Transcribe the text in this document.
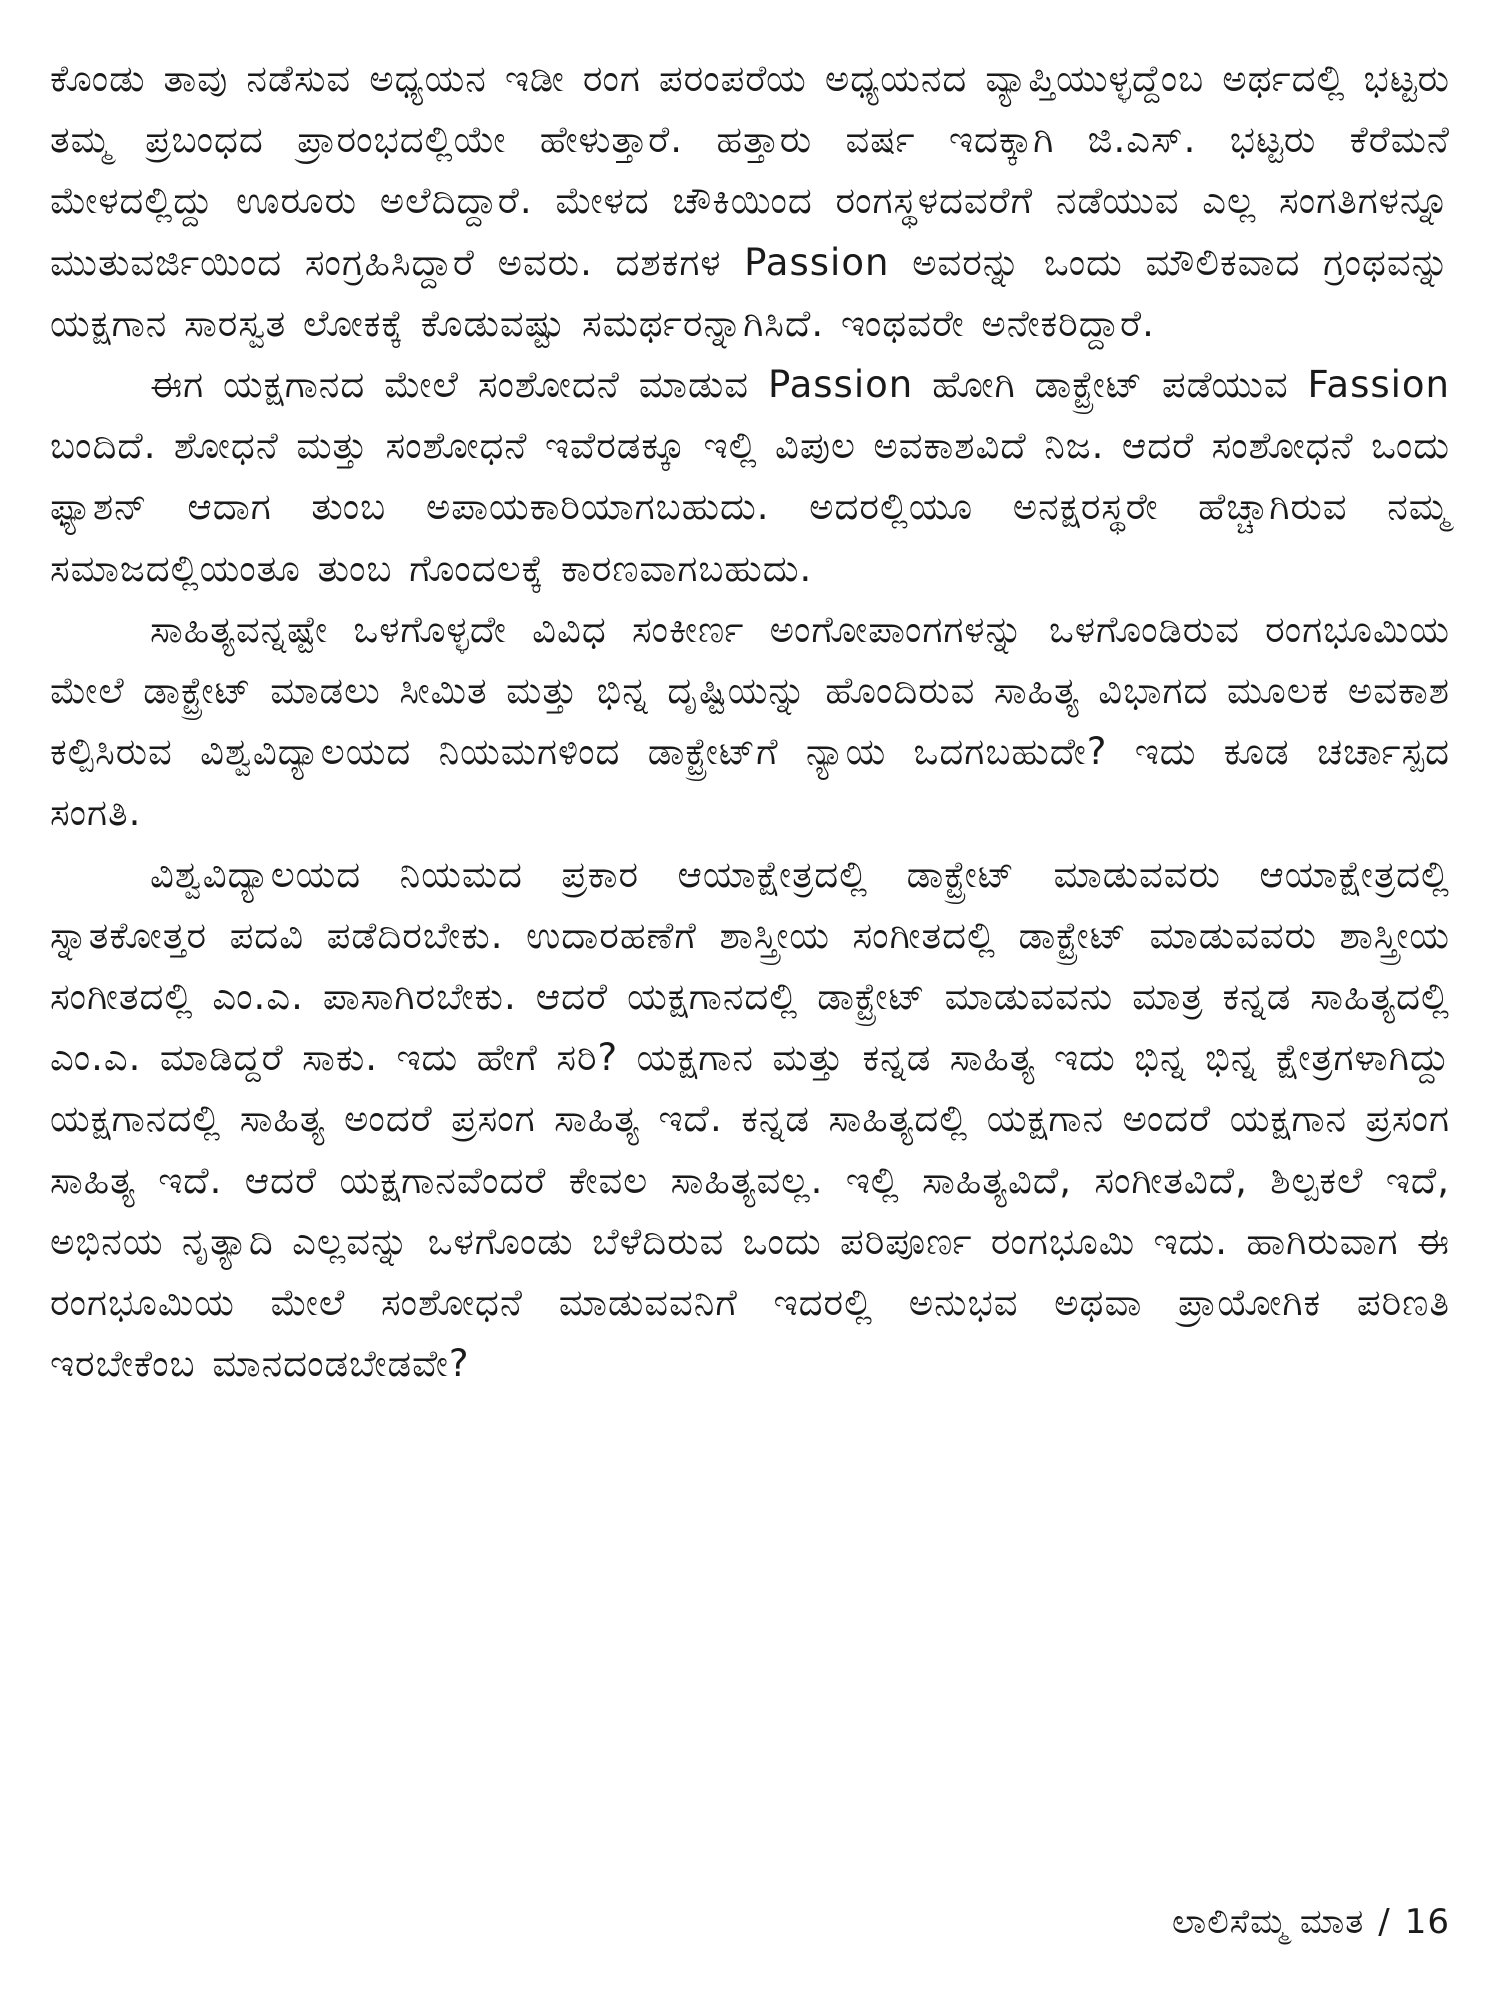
ಕೊಂಡು ತಾವು ನಡೆಸುವ ಅಧ್ಯಯನ ಇಡೀ ರಂಗ ಪರಂಪರೆಯ ಅಧ್ಯಯನದ ವ್ಯಾಪ್ತಿಯುಳ್ಳದ್ದೆಂಬ ಅರ್ಥದಲ್ಲಿ ಭಟ್ಟರು ತಮ್ಮ ಪ್ರಬಂಧದ ಪ್ರಾರಂಭದಲ್ಲಿಯೇ ಹೇಳುತ್ತಾರೆ. ಹತ್ತಾರು ವರ್ಷ ಇದಕ್ಕಾಗಿ ಜಿ.ಎಸ್. ಭಟ್ಟರು ಕೆರೆಮನೆ ಮೇಳದಲ್ಲಿದ್ದು ಊರೂರು ಅಲೆದಿದ್ದಾರೆ. ಮೇಳದ ಚೌಕಿಯಿಂದ ರಂಗಸ್ಥಳದವರೆಗೆ ನಡೆಯುವ ಎಲ್ಲ ಸಂಗತಿಗಳನ್ನೂ ಮುತುವರ್ಜಿಯಿಂದ ಸಂಗ್ರಹಿಸಿದ್ದಾರೆ ಅವರು. ದಶಕಗಳ Passion ಅವರನ್ನು ಒಂದು ಮೌಲಿಕವಾದ ಗ್ರಂಥವನ್ನು ಯಕ್ಷಗಾನ ಸಾರಸ್ವತ ಲೋಕಕ್ಕೆ ಕೊಡುವಷ್ಟು ಸಮರ್ಥರನ್ನಾಗಿಸಿದೆ. ಇಂಥವರೇ ಅನೇಕರಿದ್ದಾರೆ.

ಈಗ ಯಕ್ಷಗಾನದ ಮೇಲೆ ಸಂಶೋದನೆ ಮಾಡುವ Passion ಹೋಗಿ ಡಾಕ್ಟ್ರೇಟ್ ಪಡೆಯುವ Fassion ಬಂದಿದೆ. ಶೋಧನೆ ಮತ್ತು ಸಂಶೋಧನೆ ಇವೆರಡಕ್ಕೂ ಇಲ್ಲಿ ವಿಪುಲ ಅವಕಾಶವಿದೆ ನಿಜ. ಆದರೆ ಸಂಶೋಧನೆ ಒಂದು ಫ್ಯಾಶನ್ ಆದಾಗ ತುಂಬ ಅಪಾಯಕಾರಿಯಾಗಬಹುದು. ಅದರಲ್ಲಿಯೂ ಅನಕ್ಷರಸ್ಥರೇ ಹೆಚ್ಚಾಗಿರುವ ನಮ್ಮ ಸಮಾಜದಲ್ಲಿಯಂತೂ ತುಂಬ ಗೊಂದಲಕ್ಕೆ ಕಾರಣವಾಗಬಹುದು.

ಸಾಹಿತ್ಯವನ್ನಷ್ಟೇ ಒಳಗೊಳ್ಳದೇ ವಿವಿಧ ಸಂಕೀರ್ಣ ಅಂಗೋಪಾಂಗಗಳನ್ನು ಒಳಗೊಂಡಿರುವ ರಂಗಭೂಮಿಯ ಮೇಲೆ ಡಾಕ್ಟ್ರೇಟ್ ಮಾಡಲು ಸೀಮಿತ ಮತ್ತು ಭಿನ್ನ ದೃಷ್ಟಿಯನ್ನು ಹೊಂದಿರುವ ಸಾಹಿತ್ಯ ವಿಭಾಗದ ಮೂಲಕ ಅವಕಾಶ ಕಲ್ಪಿಸಿರುವ ವಿಶ್ವವಿದ್ಯಾಲಯದ ನಿಯಮಗಳಿಂದ ಡಾಕ್ಟ್ರೇಟ್‌ಗೆ ನ್ಯಾಯ ಒದಗಬಹುದೇ? ಇದು ಕೂಡ ಚರ್ಚಾಸ್ಪದ ಸಂಗತಿ.

ವಿಶ್ವವಿದ್ಯಾಲಯದ ನಿಯಮದ ಪ್ರಕಾರ ಆಯಾಕ್ಷೇತ್ರದಲ್ಲಿ ಡಾಕ್ಟ್ರೇಟ್ ಮಾಡುವವರು ಆಯಾಕ್ಷೇತ್ರದಲ್ಲಿ ಸ್ನಾತಕೋತ್ತರ ಪದವಿ ಪಡೆದಿರಬೇಕು. ಉದಾರಹಣೆಗೆ ಶಾಸ್ತ್ರೀಯ ಸಂಗೀತದಲ್ಲಿ ಡಾಕ್ಟ್ರೇಟ್ ಮಾಡುವವರು ಶಾಸ್ತ್ರೀಯ ಸಂಗೀತದಲ್ಲಿ ಎಂ.ಎ. ಪಾಸಾಗಿರಬೇಕು. ಆದರೆ ಯಕ್ಷಗಾನದಲ್ಲಿ ಡಾಕ್ಟ್ರೇಟ್ ಮಾಡುವವನು ಮಾತ್ರ ಕನ್ನಡ ಸಾಹಿತ್ಯದಲ್ಲಿ ಎಂ.ಎ. ಮಾಡಿದ್ದರೆ ಸಾಕು. ಇದು ಹೇಗೆ ಸರಿ? ಯಕ್ಷಗಾನ ಮತ್ತು ಕನ್ನಡ ಸಾಹಿತ್ಯ ಇದು ಭಿನ್ನ ಭಿನ್ನ ಕ್ಷೇತ್ರಗಳಾಗಿದ್ದು ಯಕ್ಷಗಾನದಲ್ಲಿ ಸಾಹಿತ್ಯ ಅಂದರೆ ಪ್ರಸಂಗ ಸಾಹಿತ್ಯ ಇದೆ. ಕನ್ನಡ ಸಾಹಿತ್ಯದಲ್ಲಿ ಯಕ್ಷಗಾನ ಅಂದರೆ ಯಕ್ಷಗಾನ ಪ್ರಸಂಗ ಸಾಹಿತ್ಯ ಇದೆ. ಆದರೆ ಯಕ್ಷಗಾನವೆಂದರೆ ಕೇವಲ ಸಾಹಿತ್ಯವಲ್ಲ. ಇಲ್ಲಿ ಸಾಹಿತ್ಯವಿದೆ, ಸಂಗೀತವಿದೆ, ಶಿಲ್ಪಕಲೆ ಇದೆ, ಅಭಿನಯ ನೃತ್ಯಾದಿ ಎಲ್ಲವನ್ನು ಒಳಗೊಂಡು ಬೆಳೆದಿರುವ ಒಂದು ಪರಿಪೂರ್ಣ ರಂಗಭೂಮಿ ಇದು. ಹಾಗಿರುವಾಗ ಈ ರಂಗಭೂಮಿಯ ಮೇಲೆ ಸಂಶೋಧನೆ ಮಾಡುವವನಿಗೆ ಇದರಲ್ಲಿ ಅನುಭವ ಅಥವಾ ಪ್ರಾಯೋಗಿಕ ಪರಿಣತಿ ಇರಬೇಕೆಂಬ ಮಾನದಂಡಬೇಡವೇ?

ಲಾಲಿಸೆಮ್ಮ ಮಾತ / 16
